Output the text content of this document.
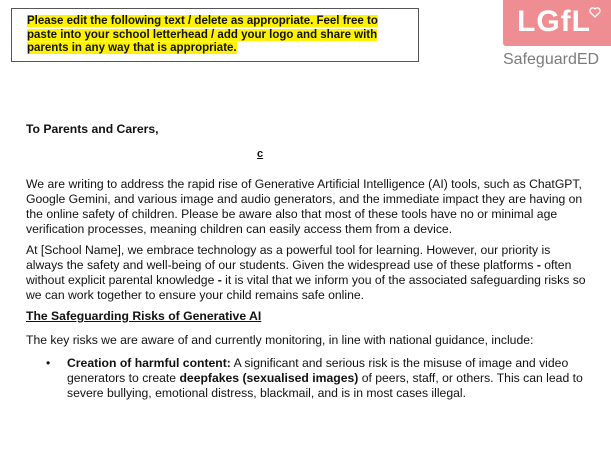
Please edit the following text / delete as appropriate. Feel free to paste into your school letterhead / add your logo and share with parents in any way that is appropriate.

LGfL
SafeguardED
c

To Parents and Carers,

We are writing to address the rapid rise of Generative Artificial Intelligence (AI) tools, such as ChatGPT, Google Gemini, and various image and audio generators, and the immediate impact they are having on the online safety of children. Please be aware also that most of these tools have no or minimal age verification processes, meaning children can easily access them from a device.

At [School Name], we embrace technology as a powerful tool for learning. However, our priority is always the safety and well-being of our students. Given the widespread use of these platforms - often without explicit parental knowledge - it is vital that we inform you of the associated safeguarding risks so we can work together to ensure your child remains safe online.

The Safeguarding Risks of Generative AI

The key risks we are aware of and currently monitoring, in line with national guidance, include:

• Creation of harmful content: A significant and serious risk is the misuse of image and video generators to create deepfakes (sexualised images) of peers, staff, or others. This can lead to severe bullying, emotional distress, blackmail, and is in most cases illegal.
